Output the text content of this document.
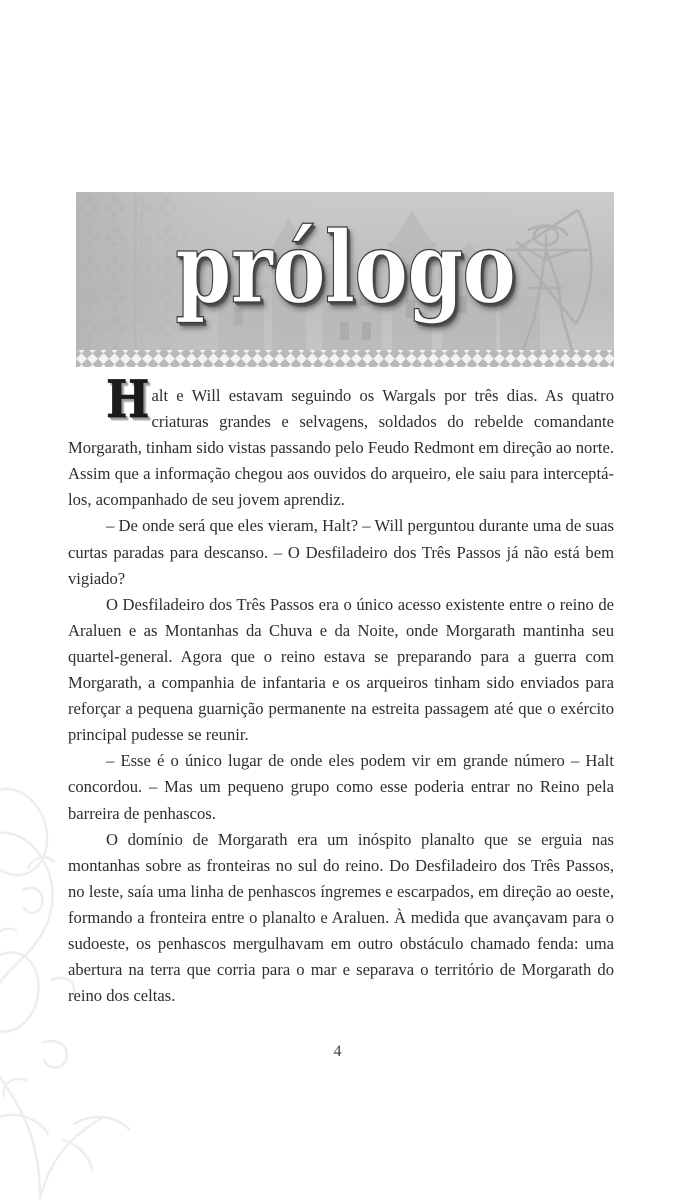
prólogo

Halt e Will estavam seguindo os Wargals por três dias. As quatro criaturas grandes e selvagens, soldados do rebelde comandante Morgarath, tinham sido vistas passando pelo Feudo Redmont em direção ao norte. Assim que a informação chegou aos ouvidos do arqueiro, ele saiu para interceptá-los, acompanhado de seu jovem aprendiz.

– De onde será que eles vieram, Halt? – Will perguntou durante uma de suas curtas paradas para descanso. – O Desfiladeiro dos Três Passos já não está bem vigiado?

O Desfiladeiro dos Três Passos era o único acesso existente entre o reino de Araluen e as Montanhas da Chuva e da Noite, onde Morgarath mantinha seu quartel-general. Agora que o reino estava se preparando para a guerra com Morgarath, a companhia de infantaria e os arqueiros tinham sido enviados para reforçar a pequena guarnição permanente na estreita passagem até que o exército principal pudesse se reunir.

– Esse é o único lugar de onde eles podem vir em grande número – Halt concordou. – Mas um pequeno grupo como esse poderia entrar no Reino pela barreira de penhascos.

O domínio de Morgarath era um inóspito planalto que se erguia nas montanhas sobre as fronteiras no sul do reino. Do Desfiladeiro dos Três Passos, no leste, saía uma linha de penhascos íngremes e escarpados, em direção ao oeste, formando a fronteira entre o planalto e Araluen. À medida que avançavam para o sudoeste, os penhascos mergulhavam em outro obstáculo chamado fenda: uma abertura na terra que corria para o mar e separava o território de Morgarath do reino dos celtas.

4
